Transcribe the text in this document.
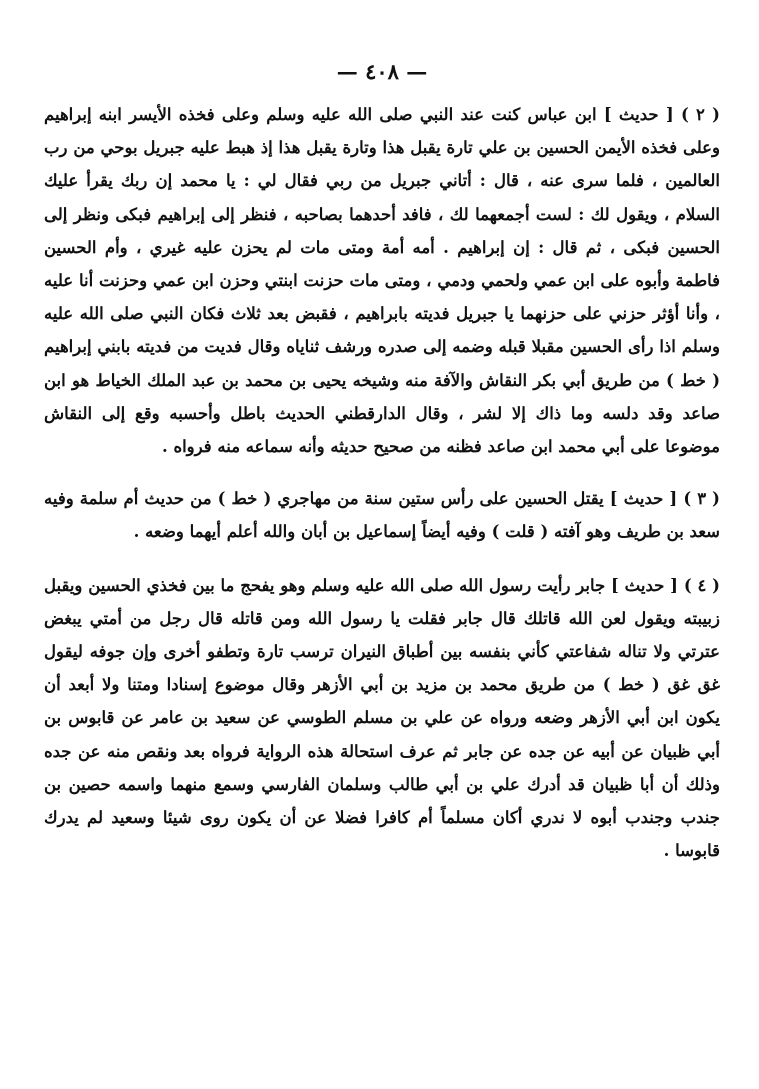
— ٤٠٨ —

( ٢ ) [ حديث ] ابن عباس كنت عند النبي صلى الله عليه وسلم وعلى فخذه الأيسر ابنه إبراهيم وعلى فخذه الأيمن الحسين بن علي تارة يقبل هذا وتارة يقبل هذا إذ هبط عليه جبريل بوحي من رب العالمين ، فلما سرى عنه ، قال : أتاني جبريل من ربي فقال لي : يا محمد إن ربك يقرأ عليك السلام ، ويقول لك : لست أجمعهما لك ، فافد أحدهما بصاحبه ، فنظر إلى إبراهيم فبكى ونظر إلى الحسين فبكى ، ثم قال : إن إبراهيم . أمه أمة ومتى مات لم يحزن عليه غيري ، وأم الحسين فاطمة وأبوه على ابن عمي ولحمي ودمي ، ومتى مات حزنت ابنتي وحزن ابن عمي وحزنت أنا عليه ، وأنا أؤثر حزني على حزنهما يا جبريل فديته بابراهيم ، فقبض بعد ثلاث فكان النبي صلى الله عليه وسلم اذا رأى الحسين مقبلا قبله وضمه إلى صدره ورشف ثناياه وقال فديت من فديته بابني إبراهيم ( خط ) من طريق أبي بكر النقاش والآفة منه وشيخه يحيى بن محمد بن عبد الملك الخياط هو ابن صاعد وقد دلسه وما ذاك إلا لشر ، وقال الدارقطني الحديث باطل وأحسبه وقع إلى النقاش موضوعا على أبي محمد ابن صاعد فظنه من صحيح حديثه وأنه سماعه منه فرواه .

( ٣ ) [ حديث ] يقتل الحسين على رأس ستين سنة من مهاجري ( خط ) من حديث أم سلمة وفيه سعد بن طريف وهو آفته ( قلت ) وفيه أيضاً إسماعيل بن أبان والله أعلم أيهما وضعه .

( ٤ ) [ حديث ] جابر رأيت رسول الله صلى الله عليه وسلم وهو يفحج ما بين فخذي الحسين ويقبل زبيبته ويقول لعن الله قاتلك قال جابر فقلت يا رسول الله ومن قاتله قال رجل من أمتي يبغض عترتي ولا تناله شفاعتي كأني بنفسه بين أطباق النيران ترسب تارة وتطفو أخرى وإن جوفه ليقول غق غق ( خط ) من طريق محمد بن مزيد بن أبي الأزهر وقال موضوع إسنادا ومتنا ولا أبعد أن يكون ابن أبي الأزهر وضعه ورواه عن علي بن مسلم الطوسي عن سعيد بن عامر عن قابوس بن أبي ظبيان عن أبيه عن جده عن جابر ثم عرف استحالة هذه الرواية فرواه بعد ونقص منه عن جده وذلك أن أبا ظبيان قد أدرك علي بن أبي طالب وسلمان الفارسي وسمع منهما واسمه حصين بن جندب وجندب أبوه لا ندري أكان مسلماً أم كافرا فضلا عن أن يكون روى شيئا وسعيد لم يدرك قابوسا .
